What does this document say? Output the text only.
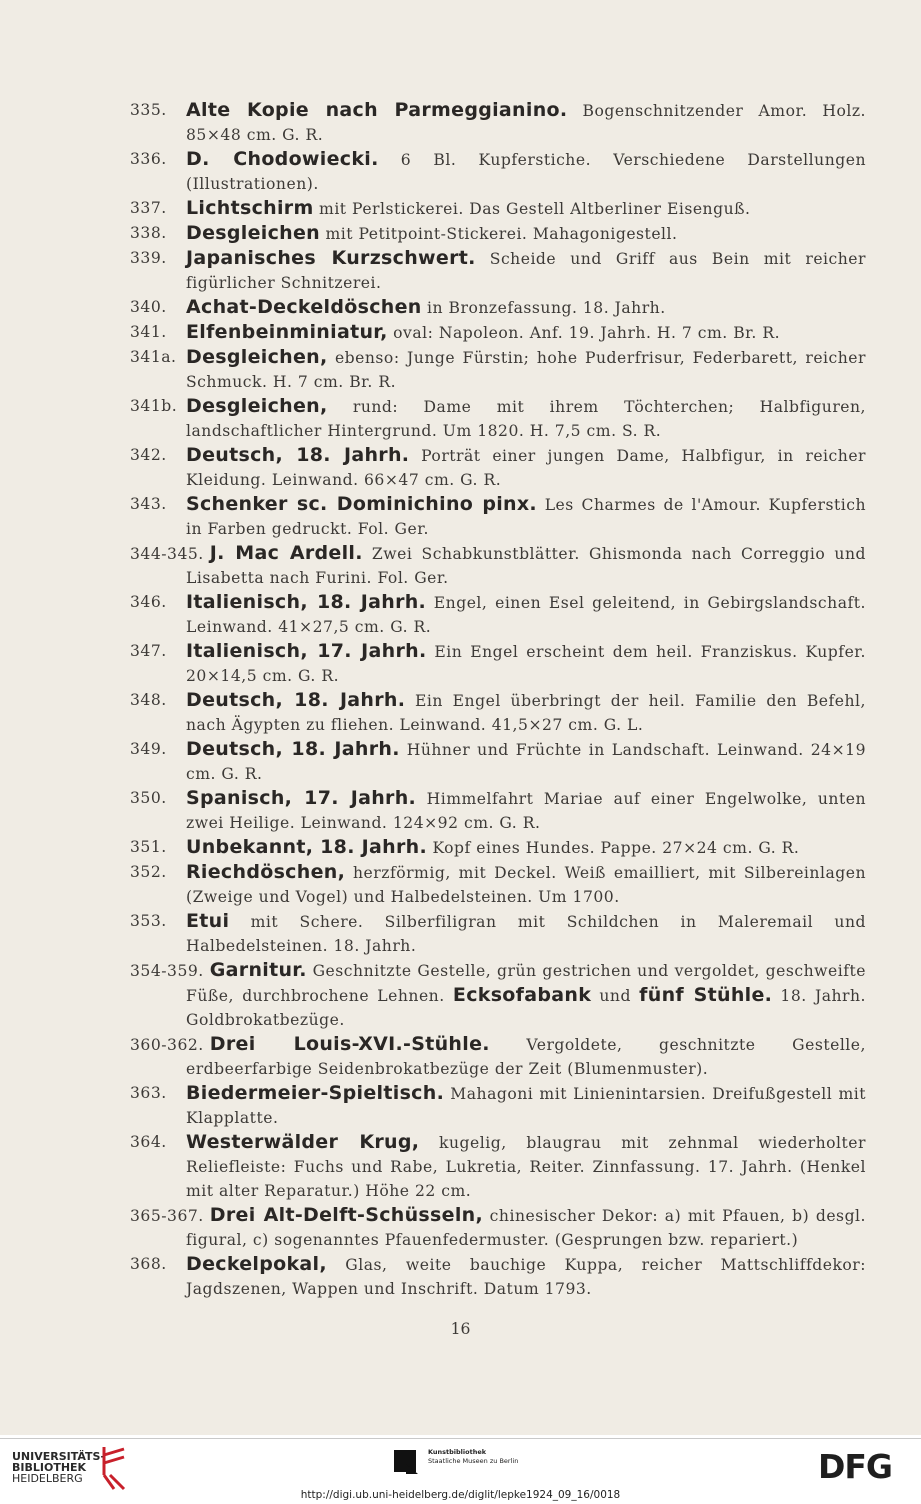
335. Alte Kopie nach Parmeggianino. Bogenschnitzender Amor. Holz. 85×48 cm. G. R.

336. D. Chodowiecki. 6 Bl. Kupferstiche. Verschiedene Darstellungen (Illustrationen).

337. Lichtschirm mit Perlstickerei. Das Gestell Altberliner Eisenguß.

338. Desgleichen mit Petitpoint-Stickerei. Mahagonigestell.

339. Japanisches Kurzschwert. Scheide und Griff aus Bein mit reicher figürlicher Schnitzerei.

340. Achat-Deckeldöschen in Bronzefassung. 18. Jahrh.

341. Elfenbeinminiatur, oval: Napoleon. Anf. 19. Jahrh. H. 7 cm. Br. R.

341a. Desgleichen, ebenso: Junge Fürstin; hohe Puderfrisur, Federbarett, reicher Schmuck. H. 7 cm. Br. R.

341b. Desgleichen, rund: Dame mit ihrem Töchterchen; Halbfiguren, landschaftlicher Hintergrund. Um 1820. H. 7,5 cm. S. R.

342. Deutsch, 18. Jahrh. Porträt einer jungen Dame, Halbfigur, in reicher Kleidung. Leinwand. 66×47 cm. G. R.

343. Schenker sc. Dominichino pinx. Les Charmes de l'Amour. Kupferstich in Farben gedruckt. Fol. Ger.

344-345. J. Mac Ardell. Zwei Schabkunstblätter. Ghismonda nach Correggio und Lisabetta nach Furini. Fol. Ger.

346. Italienisch, 18. Jahrh. Engel, einen Esel geleitend, in Gebirgslandschaft. Leinwand. 41×27,5 cm. G. R.

347. Italienisch, 17. Jahrh. Ein Engel erscheint dem heil. Franziskus. Kupfer. 20×14,5 cm. G. R.

348. Deutsch, 18. Jahrh. Ein Engel überbringt der heil. Familie den Befehl, nach Ägypten zu fliehen. Leinwand. 41,5×27 cm. G. L.

349. Deutsch, 18. Jahrh. Hühner und Früchte in Landschaft. Leinwand. 24×19 cm. G. R.

350. Spanisch, 17. Jahrh. Himmelfahrt Mariae auf einer Engelwolke, unten zwei Heilige. Leinwand. 124×92 cm. G. R.

351. Unbekannt, 18. Jahrh. Kopf eines Hundes. Pappe. 27×24 cm. G. R.

352. Riechdöschen, herzförmig, mit Deckel. Weiß emailliert, mit Silbereinlagen (Zweige und Vogel) und Halbedelsteinen. Um 1700.

353. Etui mit Schere. Silberfiligran mit Schildchen in Maleremail und Halbedelsteinen. 18. Jahrh.

354-359. Garnitur. Geschnitzte Gestelle, grün gestrichen und vergoldet, geschweifte Füße, durchbrochene Lehnen. Ecksofabank und fünf Stühle. 18. Jahrh. Goldbrokatbezüge.

360-362. Drei Louis-XVI.-Stühle. Vergoldete, geschnitzte Gestelle, erdbeerfarbige Seidenbrokatbezüge der Zeit (Blumenmuster).

363. Biedermeier-Spieltisch. Mahagoni mit Linienintarsien. Dreifußgestell mit Klapplatte.

364. Westerwälder Krug, kugelig, blaugrau mit zehnmal wiederholter Reliefleiste: Fuchs und Rabe, Lukretia, Reiter. Zinnfassung. 17. Jahrh. (Henkel mit alter Reparatur.) Höhe 22 cm.

365-367. Drei Alt-Delft-Schüsseln, chinesischer Dekor: a) mit Pfauen, b) desgl. figural, c) sogenanntes Pfauenfedermuster. (Gesprungen bzw. repariert.)

368. Deckelpokal, Glas, weite bauchige Kuppa, reicher Mattschliffdekor: Jagdszenen, Wappen und Inschrift. Datum 1793.

16
UNIVERSITÄTS-
BIBLIOTHEK
HEIDELBERG
Kunstbibliothek
Staatliche Museen zu Berlin	DFG
http://digi.ub.uni-heidelberg.de/diglit/lepke1924_09_16/0018
